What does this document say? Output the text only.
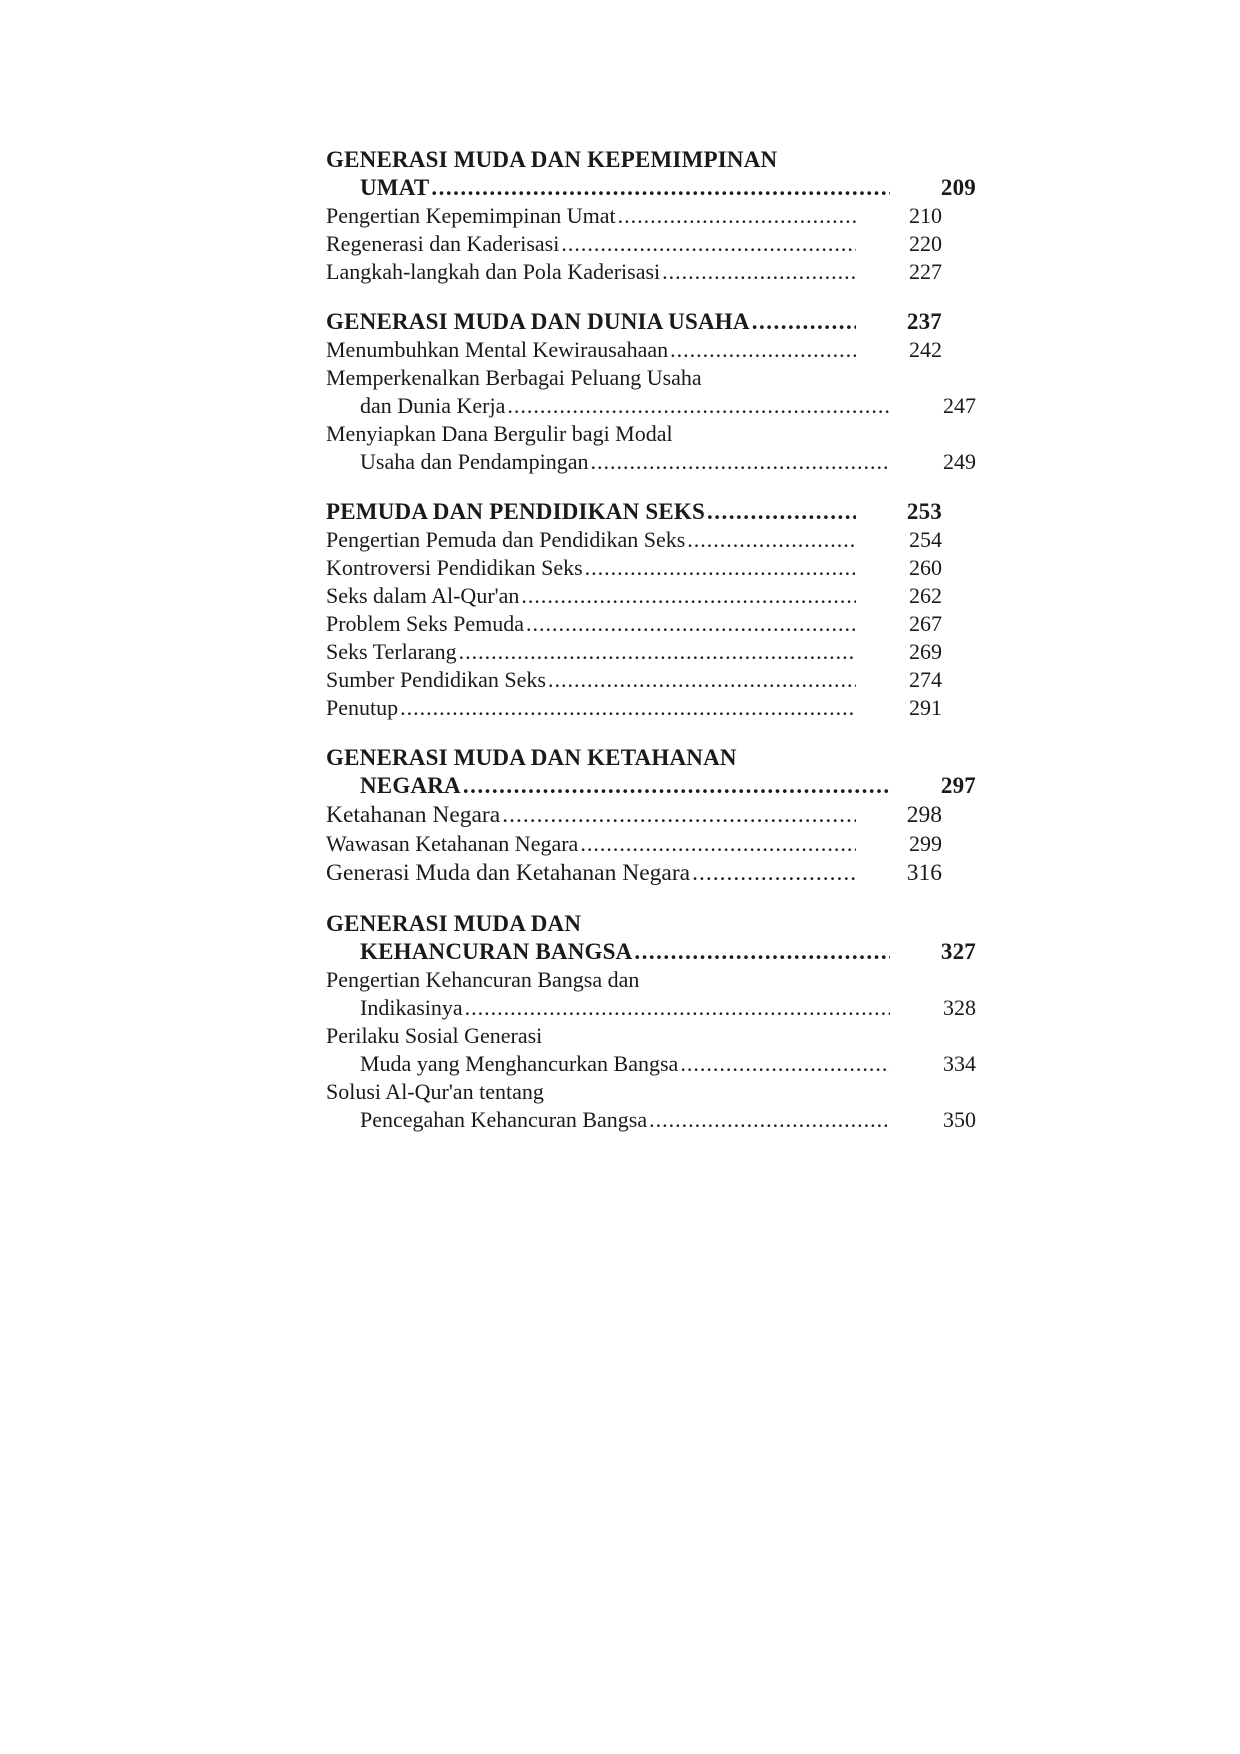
GENERASI MUDA DAN KEPEMIMPINAN
UMAT .....	209
Pengertian Kepemimpinan Umat .....	210
Regenerasi dan Kaderisasi .....	220
Langkah-langkah dan Pola Kaderisasi .....	227
GENERASI MUDA DAN DUNIA USAHA .....	237
Menumbuhkan Mental Kewirausahaan .....	242
Memperkenalkan Berbagai Peluang Usaha
dan Dunia Kerja .....	247
Menyiapkan Dana Bergulir bagi Modal
Usaha dan Pendampingan .....	249
PEMUDA DAN PENDIDIKAN SEKS .....	253
Pengertian Pemuda dan Pendidikan Seks .....	254
Kontroversi Pendidikan Seks .....	260
Seks dalam Al-Qur'an .....	262
Problem Seks Pemuda .....	267
Seks Terlarang .....	269
Sumber Pendidikan Seks .....	274
Penutup .....	291
GENERASI MUDA DAN KETAHANAN
NEGARA .....	297
Ketahanan Negara .....	298
Wawasan Ketahanan Negara .....	299
Generasi Muda dan Ketahanan Negara .....	316
GENERASI MUDA DAN
KEHANCURAN BANGSA .....	327
Pengertian Kehancuran Bangsa dan
Indikasinya .....	328
Perilaku Sosial Generasi
Muda yang Menghancurkan Bangsa .....	334
Solusi Al-Qur'an tentang
Pencegahan Kehancuran Bangsa .....	350
